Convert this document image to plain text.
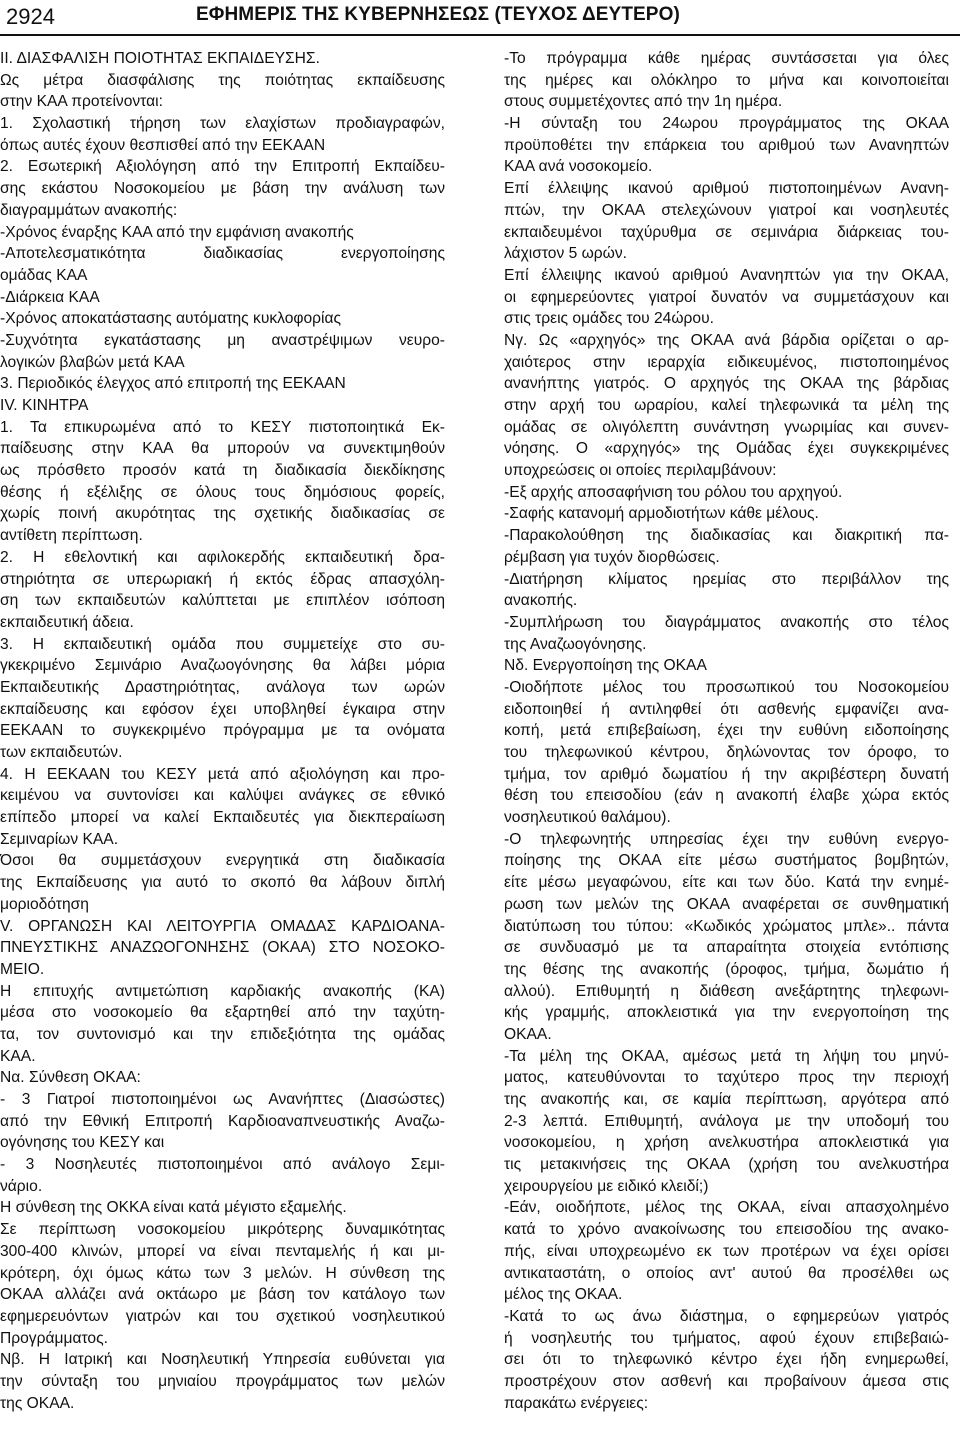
2924	ΕΦΗΜΕΡΙΣ ΤΗΣ ΚΥΒΕΡΝΗΣΕΩΣ (ΤΕΥΧΟΣ ΔΕΥΤΕΡΟ)
ΙΙ. ΔΙΑΣΦΑΛΙΣΗ ΠΟΙΟΤΗΤΑΣ ΕΚΠΑΙΔΕΥΣΗΣ.
Ως μέτρα διασφάλισης της ποιότητας εκπαίδευσης
στην ΚΑΑ προτείνονται:
1. Σχολαστική τήρηση των ελαχίστων προδιαγραφών,
όπως αυτές έχουν θεσπισθεί από την ΕΕΚΑΑΝ
2. Εσωτερική Αξιολόγηση από την Επιτροπή Εκπαίδευ-
σης εκάστου Νοσοκομείου με βάση την ανάλυση των
διαγραμμάτων ανακοπής:
-Χρόνος έναρξης ΚΑΑ από την εμφάνιση ανακοπής
-Αποτελεσματικότητα διαδικασίας ενεργοποίησης
ομάδας ΚΑΑ
-Διάρκεια ΚΑΑ
-Χρόνος αποκατάστασης αυτόματης κυκλοφορίας
-Συχνότητα εγκατάστασης μη αναστρέψιμων νευρο-
λογικών βλαβών μετά ΚΑΑ
3. Περιοδικός έλεγχος από επιτροπή της ΕΕΚΑΑΝ
IV. ΚΙΝΗΤΡΑ
1. Τα επικυρωμένα από το ΚΕΣΥ πιστοποιητικά Εκ-
παίδευσης στην ΚΑΑ θα μπορούν να συνεκτιμηθούν
ως πρόσθετο προσόν κατά τη διαδικασία διεκδίκησης
θέσης ή εξέλιξης σε όλους τους δημόσιους φορείς,
χωρίς ποινή ακυρότητας της σχετικής διαδικασίας σε
αντίθετη περίπτωση.
2. Η εθελοντική και αφιλοκερδής εκπαιδευτική δρα-
στηριότητα σε υπερωριακή ή εκτός έδρας απασχόλη-
ση των εκπαιδευτών καλύπτεται με επιπλέον ισόποση
εκπαιδευτική άδεια.
3. Η εκπαιδευτική ομάδα που συμμετείχε στο συ-
γκεκριμένο Σεμινάριο Αναζωογόνησης θα λάβει μόρια
Εκπαιδευτικής Δραστηριότητας, ανάλογα των ωρών
εκπαίδευσης και εφόσον έχει υποβληθεί έγκαιρα στην
ΕΕΚΑΑΝ το συγκεκριμένο πρόγραμμα με τα ονόματα
των εκπαιδευτών.
4. Η ΕΕΚΑΑΝ του ΚΕΣΥ μετά από αξιολόγηση και προ-
κειμένου να συντονίσει και καλύψει ανάγκες σε εθνικό
επίπεδο μπορεί να καλεί Εκπαιδευτές για διεκπεραίωση
Σεμιναρίων ΚΑΑ.
Όσοι θα συμμετάσχουν ενεργητικά στη διαδικασία
της Εκπαίδευσης για αυτό το σκοπό θα λάβουν διπλή
μοριοδότηση
V. ΟΡΓΑΝΩΣΗ ΚΑΙ ΛΕΙΤΟΥΡΓΙΑ ΟΜΑΔΑΣ ΚΑΡΔΙΟΑΝΑ-
ΠΝΕΥΣΤΙΚΗΣ ΑΝΑΖΩΟΓΟΝΗΣΗΣ (ΟΚΑΑ) ΣΤΟ ΝΟΣΟΚΟ-
ΜΕΙΟ.
Η επιτυχής αντιμετώπιση καρδιακής ανακοπής (ΚΑ)
μέσα στο νοσοκομείο θα εξαρτηθεί από την ταχύτη-
τα, τον συντονισμό και την επιδεξιότητα της ομάδας
ΚΑΑ.
Να. Σύνθεση ΟΚΑΑ:
- 3 Γιατροί πιστοποιημένοι ως Ανανήπτες (Διασώστες)
από την Εθνική Επιτροπή Καρδιοαναπνευστικής Αναζω-
ογόνησης του ΚΕΣΥ και
- 3 Νοσηλευτές πιστοποιημένοι από ανάλογο Σεμι-
νάριο.
Η σύνθεση της ΟΚΚΑ είναι κατά μέγιστο εξαμελής.
Σε περίπτωση νοσοκομείου μικρότερης δυναμικότητας
300-400 κλινών, μπορεί να είναι πενταμελής ή και μι-
κρότερη, όχι όμως κάτω των 3 μελών. Η σύνθεση της
ΟΚΑΑ αλλάζει ανά οκτάωρο με βάση τον κατάλογο των
εφημερευόντων γιατρών και του σχετικού νοσηλευτικού
Προγράμματος.
Νβ. Η Ιατρική και Νοσηλευτική Υπηρεσία ευθύνεται για
την σύνταξη του μηνιαίου προγράμματος των μελών
της ΟΚΑΑ.
-Το πρόγραμμα κάθε ημέρας συντάσσεται για όλες
της ημέρες και ολόκληρο το μήνα και κοινοποιείται
στους συμμετέχοντες από την 1η ημέρα.
-Η σύνταξη του 24ωρου προγράμματος της ΟΚΑΑ
προϋποθέτει την επάρκεια του αριθμού των Ανανηπτών
ΚΑΑ ανά νοσοκομείο.
Επί έλλειψης ικανού αριθμού πιστοποιημένων Ανανη-
πτών, την ΟΚΑΑ στελεχώνουν γιατροί και νοσηλευτές
εκπαιδευμένοι ταχύρυθμα σε σεμινάρια διάρκειας του-
λάχιστον 5 ωρών.
Επί έλλειψης ικανού αριθμού Ανανηπτών για την ΟΚΑΑ,
οι εφημερεύοντες γιατροί δυνατόν να συμμετάσχουν και
στις τρεις ομάδες του 24ώρου.
Νγ. Ως «αρχηγός» της ΟΚΑΑ ανά βάρδια ορίζεται ο αρ-
χαιότερος στην ιεραρχία ειδικευμένος, πιστοποιημένος
ανανήπτης γιατρός. Ο αρχηγός της ΟΚΑΑ της βάρδιας
στην αρχή του ωραρίου, καλεί τηλεφωνικά τα μέλη της
ομάδας σε ολιγόλεπτη συνάντηση γνωριμίας και συνεν-
νόησης. Ο «αρχηγός» της Ομάδας έχει συγκεκριμένες
υποχρεώσεις οι οποίες περιλαμβάνουν:
-Εξ αρχής αποσαφήνιση του ρόλου του αρχηγού.
-Σαφής κατανομή αρμοδιοτήτων κάθε μέλους.
-Παρακολούθηση της διαδικασίας και διακριτική πα-
ρέμβαση για τυχόν διορθώσεις.
-Διατήρηση κλίματος ηρεμίας στο περιβάλλον της
ανακοπής.
-Συμπλήρωση του διαγράμματος ανακοπής στο τέλος
της Αναζωογόνησης.
Nδ. Ενεργοποίηση της ΟΚΑΑ
-Οιοδήποτε μέλος του προσωπικού του Νοσοκομείου
ειδοποιηθεί ή αντιληφθεί ότι ασθενής εμφανίζει ανα-
κοπή, μετά επιβεβαίωση, έχει την ευθύνη ειδοποίησης
του τηλεφωνικού κέντρου, δηλώνοντας τον όροφο, το
τμήμα, τον αριθμό δωματίου ή την ακριβέστερη δυνατή
θέση του επεισοδίου (εάν η ανακοπή έλαβε χώρα εκτός
νοσηλευτικού θαλάμου).
-Ο τηλεφωνητής υπηρεσίας έχει την ευθύνη ενεργο-
ποίησης της ΟΚΑΑ είτε μέσω συστήματος βομβητών,
είτε μέσω μεγαφώνου, είτε και των δύο. Κατά την ενημέ-
ρωση των μελών της ΟΚΑΑ αναφέρεται σε συνθηματική
διατύπωση του τύπου: «Κωδικός χρώματος μπλε».. πάντα
σε συνδυασμό με τα απαραίτητα στοιχεία εντόπισης
της θέσης της ανακοπής (όροφος, τμήμα, δωμάτιο ή
αλλού). Επιθυμητή η διάθεση ανεξάρτητης τηλεφωνι-
κής γραμμής, αποκλειστικά για την ενεργοποίηση της
ΟΚΑΑ.
-Τα μέλη της ΟΚΑΑ, αμέσως μετά τη λήψη του μηνύ-
ματος, κατευθύνονται το ταχύτερο προς την περιοχή
της ανακοπής και, σε καμία περίπτωση, αργότερα από
2-3 λεπτά. Επιθυμητή, ανάλογα με την υποδομή του
νοσοκομείου, η χρήση ανελκυστήρα αποκλειστικά για
τις μετακινήσεις της ΟΚΑΑ (χρήση του ανελκυστήρα
χειρουργείου με ειδικό κλειδί;)
-Εάν, οιοδήποτε, μέλος της ΟΚΑΑ, είναι απασχολημένο
κατά το χρόνο ανακοίνωσης του επεισοδίου της ανακο-
πής, είναι υποχρεωμένο εκ των προτέρων να έχει ορίσει
αντικαταστάτη, ο οποίος αντ' αυτού θα προσέλθει ως
μέλος της ΟΚΑΑ.
-Κατά το ως άνω διάστημα, ο εφημερεύων γιατρός
ή νοσηλευτής του τμήματος, αφού έχουν επιβεβαιώ-
σει ότι το τηλεφωνικό κέντρο έχει ήδη ενημερωθεί,
προστρέχουν στον ασθενή και προβαίνουν άμεσα στις
παρακάτω ενέργειες:
